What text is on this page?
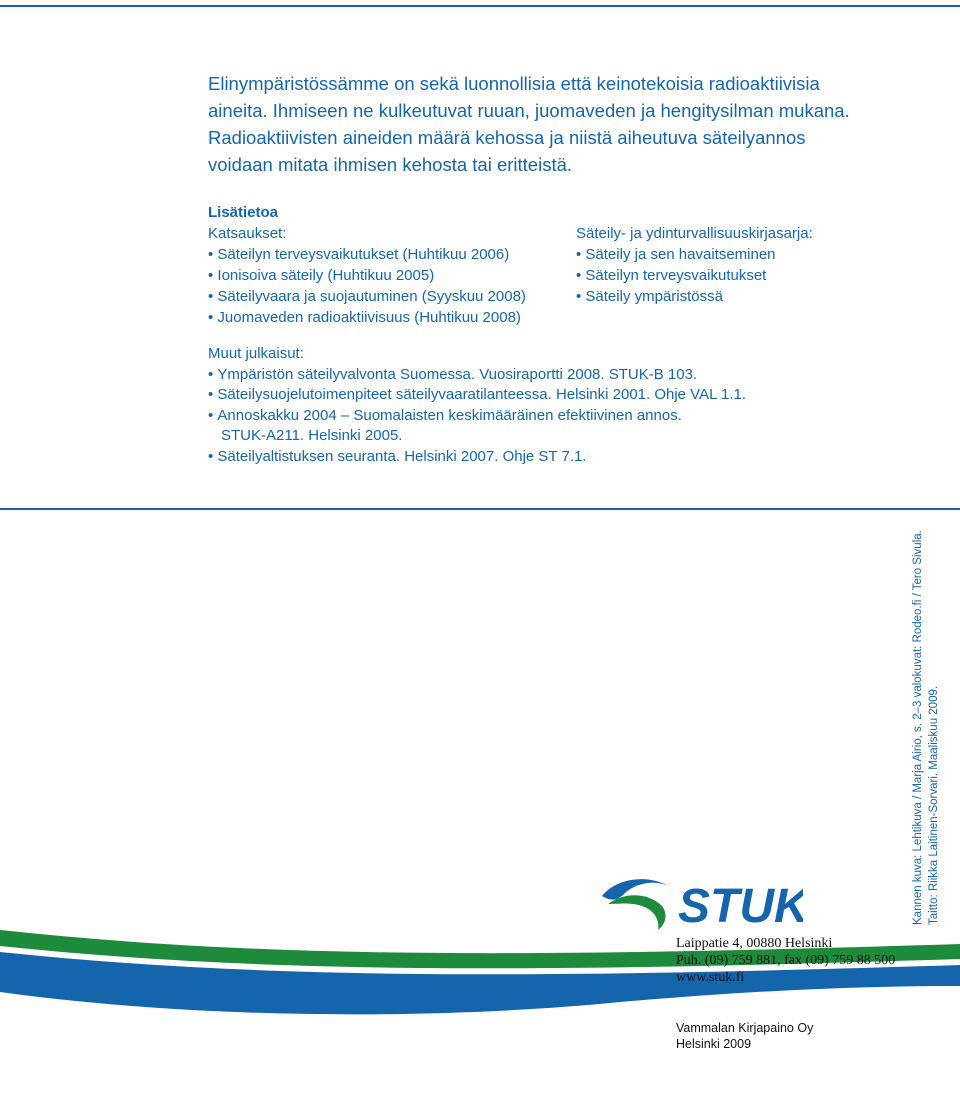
Elinympäristössämme on sekä luonnollisia että keinotekoisia radioaktiivisia
aineita. Ihmiseen ne kulkeutuvat ruuan, juomaveden ja hengitysilman mukana.
Radioaktiivisten aineiden määrä kehossa ja niistä aiheutuva säteilyannos
voidaan mitata ihmisen kehosta tai eritteistä.
Lisätietoa
Katsaukset:
• Säteilyn terveysvaikutukset (Huhtikuu 2006)
• Ionisoiva säteily (Huhtikuu 2005)
• Säteilyvaara ja suojautuminen (Syyskuu 2008)
• Juomaveden radioaktiivisuus (Huhtikuu 2008)
Säteily- ja ydinturvallisuuskirjasarja:
• Säteily ja sen havaitseminen
• Säteilyn terveysvaikutukset
• Säteily ympäristössä
Muut julkaisut:
• Ympäristön säteilyvalvonta Suomessa. Vuosiraportti 2008. STUK-B 103.
• Säteilysuojelutoimenpiteet säteilyvaaratilanteessa. Helsinki 2001. Ohje VAL 1.1.
• Annoskakku 2004 – Suomalaisten keskimääräinen efektiivinen annos.
STUK-A211. Helsinki 2005.
• Säteilyaltistuksen seuranta. Helsinki 2007. Ohje ST 7.1.
Kannen kuva: Lehtikuva / Marja Airio, s. 2–3 valokuvat: Rodeo.fi / Tero Sivula. Taitto: Riikka Laitinen-Sorvari. Maaliskuu 2009.
STUK
Laippatie 4, 00880 Helsinki
Puh. (09) 759 881, fax (09) 759 88 500
www.stuk.fi
Vammalan Kirjapaino Oy
Helsinki 2009
